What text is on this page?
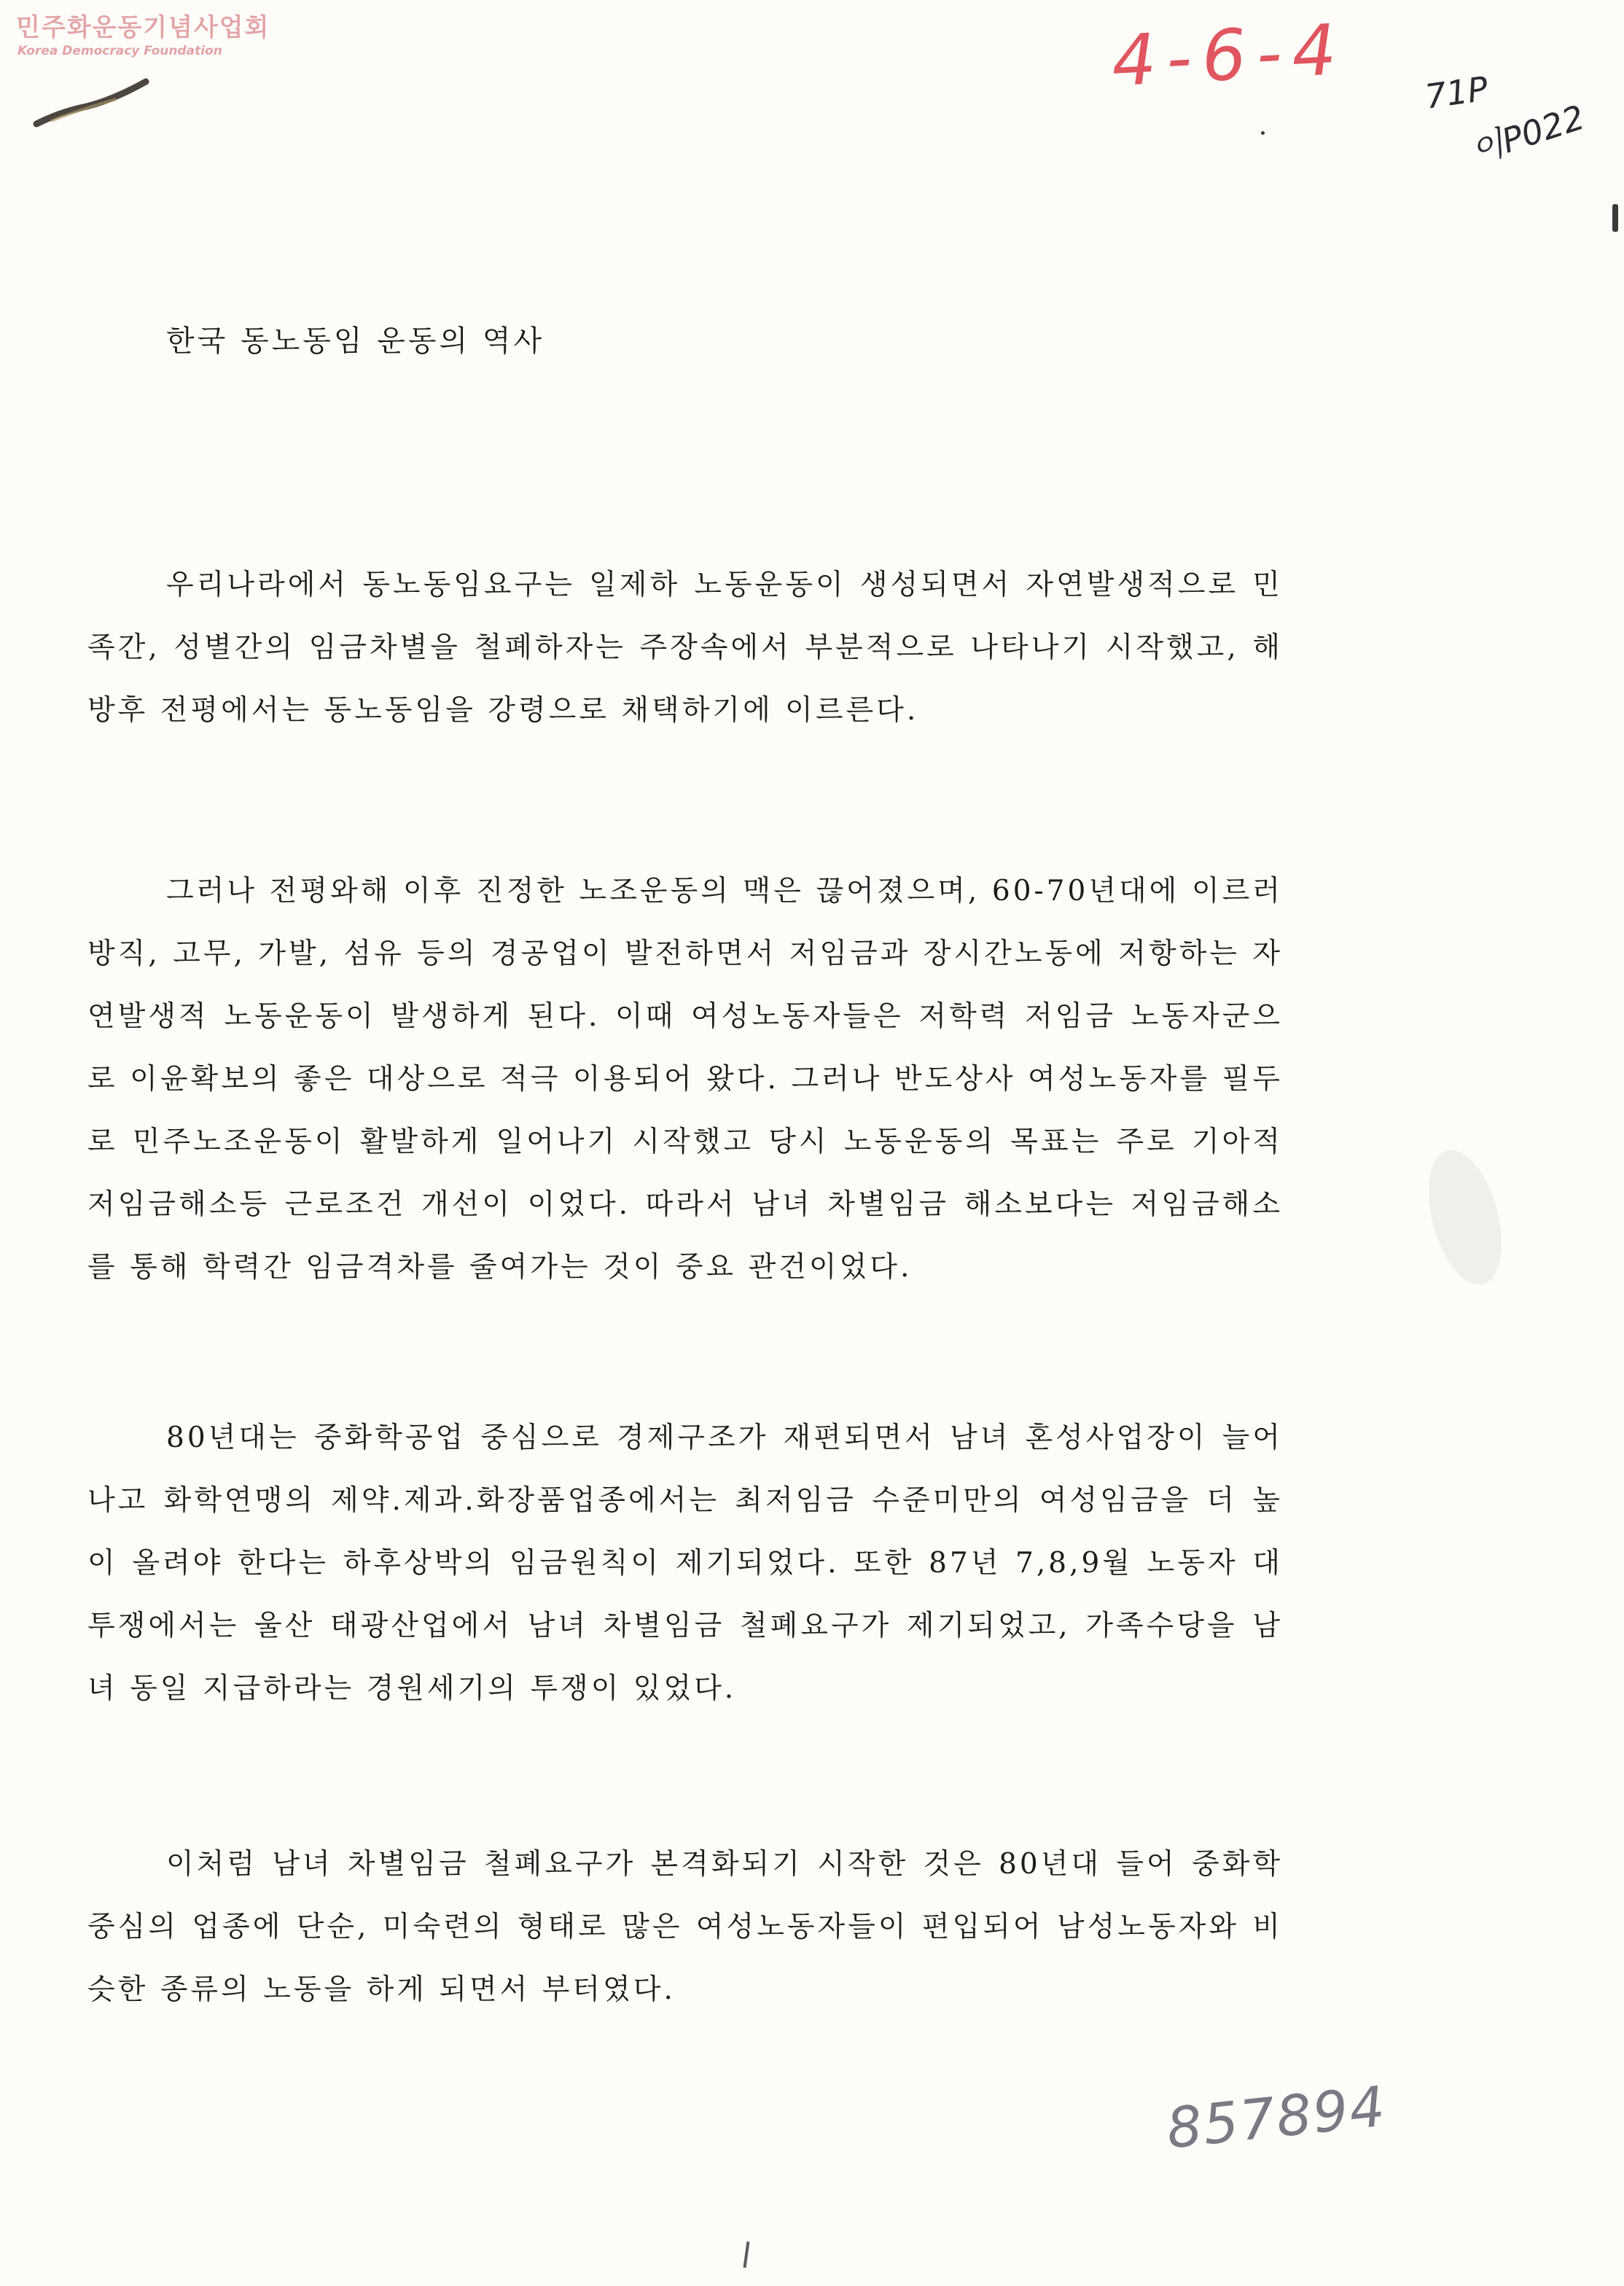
민주화운동기념사업회
Korea Democracy Foundation	4-6-4 71P
이P022
한국 동노동임 운동의 역사

우리나라에서 동노동임요구는 일제하 노동운동이 생성되면서 자연발생적으로 민족간, 성별간의 임금차별을 철폐하자는 주장속에서 부분적으로 나타나기 시작했고, 해방후 전평에서는 동노동임을 강령으로 채택하기에 이르른다.

그러나 전평와해 이후 진정한 노조운동의 맥은 끊어졌으며, 60-70년대에 이르러 방직, 고무, 가발, 섬유 등의 경공업이 발전하면서 저임금과 장시간노동에 저항하는 자연발생적 노동운동이 발생하게 된다. 이때 여성노동자들은 저학력 저임금 노동자군으로 이윤확보의 좋은 대상으로 적극 이용되어 왔다. 그러나 반도상사 여성노동자를 필두로 민주노조운동이 활발하게 일어나기 시작했고 당시 노동운동의 목표는 주로 기아적 저임금해소등 근로조건 개선이 이었다. 따라서 남녀 차별임금 해소보다는 저임금해소를 통해 학력간 임금격차를 줄여가는 것이 중요 관건이었다.

80년대는 중화학공업 중심으로 경제구조가 재편되면서 남녀 혼성사업장이 늘어나고 화학연맹의 제약.제과.화장품업종에서는 최저임금 수준미만의 여성임금을 더 높이 올려야 한다는 하후상박의 임금원칙이 제기되었다. 또한 87년 7,8,9월 노동자 대투쟁에서는 울산 태광산업에서 남녀 차별임금 철폐요구가 제기되었고, 가족수당을 남녀 동일 지급하라는 경원세기의 투쟁이 있었다.

이처럼 남녀 차별임금 철폐요구가 본격화되기 시작한 것은 80년대 들어 중화학중심의 업종에 단순, 미숙련의 형태로 많은 여성노동자들이 편입되어 남성노동자와 비슷한 종류의 노동을 하게 되면서 부터였다.

857894
